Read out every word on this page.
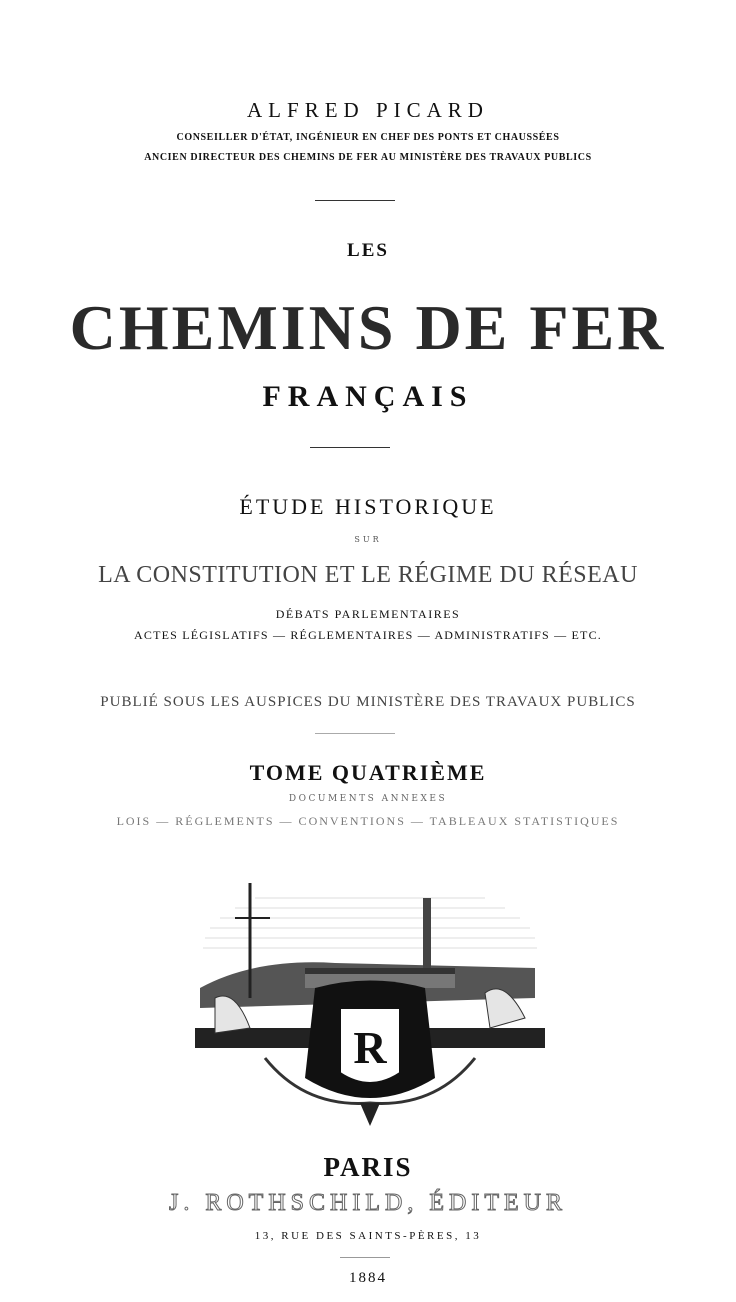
ALFRED PICARD
CONSEILLER D'ÉTAT, INGÉNIEUR EN CHEF DES PONTS ET CHAUSSÉES
ANCIEN DIRECTEUR DES CHEMINS DE FER AU MINISTÈRE DES TRAVAUX PUBLICS
LES
CHEMINS DE FER
FRANÇAIS
ÉTUDE HISTORIQUE
SUR
LA CONSTITUTION ET LE RÉGIME DU RÉSEAU
DÉBATS PARLEMENTAIRES
ACTES LÉGISLATIFS — RÉGLEMENTAIRES — ADMINISTRATIFS — ETC.
PUBLIÉ SOUS LES AUSPICES DU MINISTÈRE DES TRAVAUX PUBLICS
TOME QUATRIÈME
DOCUMENTS ANNEXES
LOIS — RÉGLEMENTS — CONVENTIONS — TABLEAUX STATISTIQUES
R
PARIS
J. ROTHSCHILD, ÉDITEUR
13, RUE DES SAINTS-PÈRES, 13
1884
